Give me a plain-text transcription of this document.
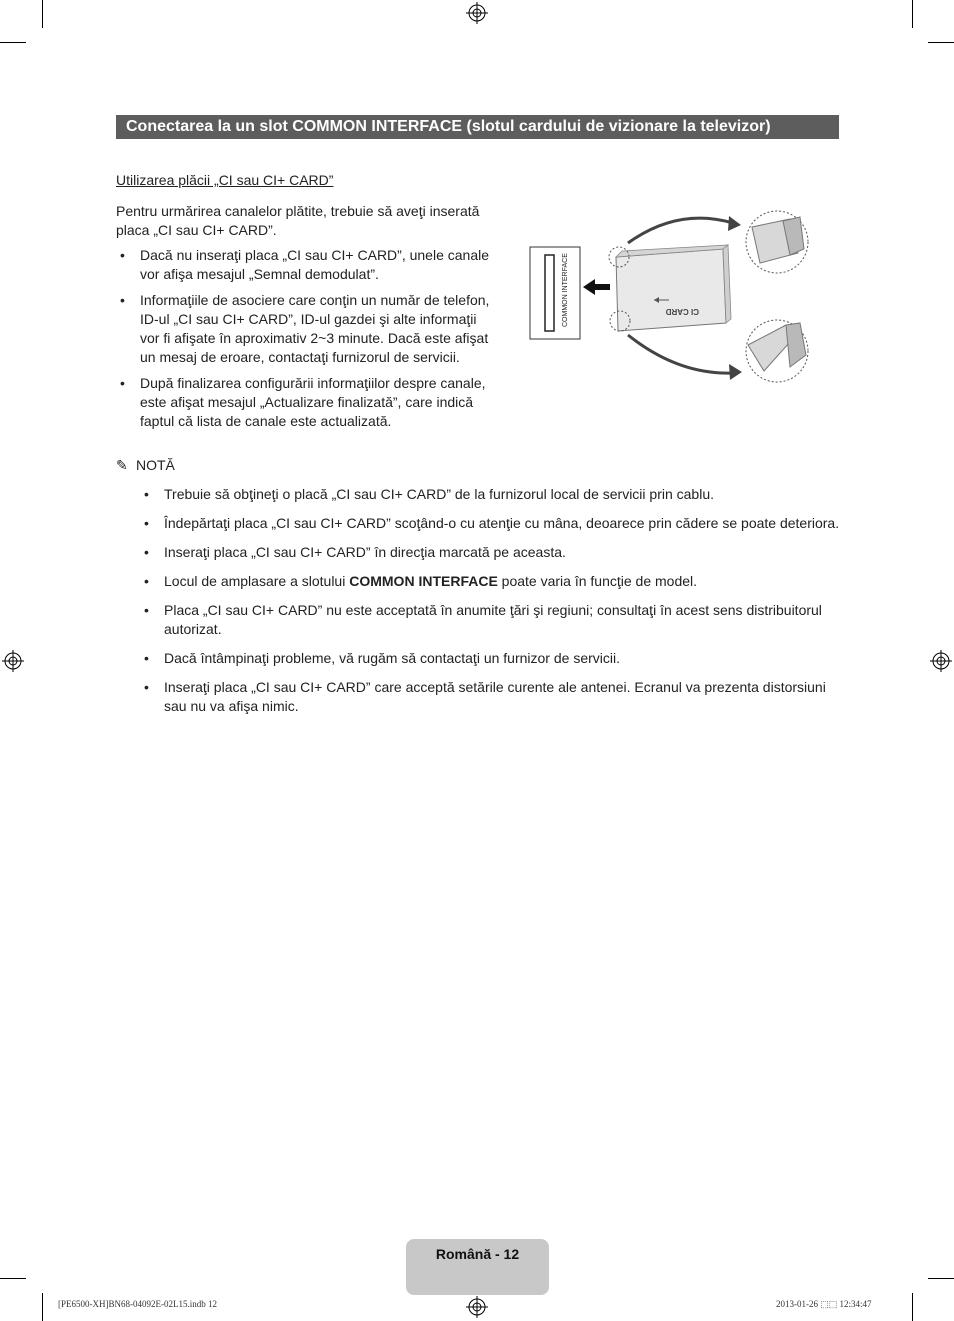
Conectarea la un slot COMMON INTERFACE (slotul cardului de vizionare la televizor)
Utilizarea plăcii „CI sau CI+ CARD”
Pentru urmărirea canalelor plătite, trebuie să aveţi inserată placa „CI sau CI+ CARD”.
• Dacă nu inseraţi placa „CI sau CI+ CARD”, unele canale vor afişa mesajul „Semnal demodulat”.
• Informaţiile de asociere care conţin un număr de telefon, ID-ul „CI sau CI+ CARD”, ID-ul gazdei şi alte informaţii vor fi afişate în aproximativ 2~3 minute. Dacă este afişat un mesaj de eroare, contactaţi furnizorul de servicii.
• După finalizarea configurării informaţiilor despre canale, este afişat mesajul „Actualizare finalizată”, care indică faptul că lista de canale este actualizată.
COMMON INTERFACE	CI CARD
✎ NOTĂ
• Trebuie să obţineţi o placă „CI sau CI+ CARD” de la furnizorul local de servicii prin cablu.
• Îndepărtaţi placa „CI sau CI+ CARD” scoţând-o cu atenţie cu mâna, deoarece prin cădere se poate deteriora.
• Inseraţi placa „CI sau CI+ CARD” în direcţia marcată pe aceasta.
• Locul de amplasare a slotului COMMON INTERFACE poate varia în funcţie de model.
• Placa „CI sau CI+ CARD” nu este acceptată în anumite ţări şi regiuni; consultaţi în acest sens distribuitorul autorizat.
• Dacă întâmpinaţi probleme, vă rugăm să contactaţi un furnizor de servicii.
• Inseraţi placa „CI sau CI+ CARD” care acceptă setările curente ale antenei. Ecranul va prezenta distorsiuni sau nu va afişa nimic.
Română - 12
[PE6500-XH]BN68-04092E-02L15.indb 12	2013-01-26 ⬚⬚ 12:34:47
